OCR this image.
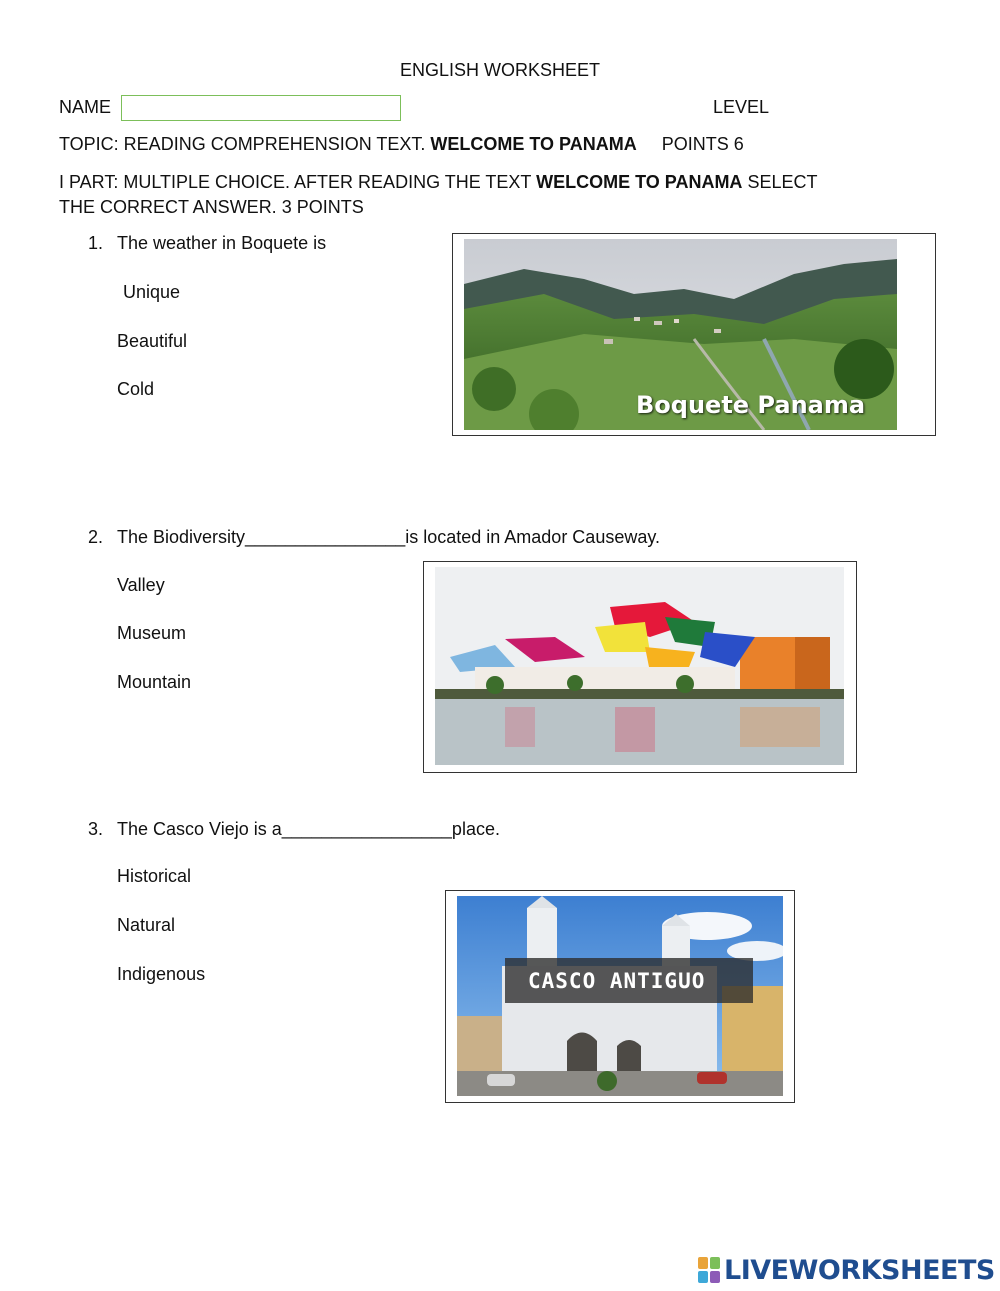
ENGLISH WORKSHEET
NAME	LEVEL
TOPIC: READING COMPREHENSION TEXT. WELCOME TO PANAMA POINTS 6
I PART: MULTIPLE CHOICE. AFTER READING THE TEXT WELCOME TO PANAMA SELECT
THE CORRECT ANSWER. 3 POINTS
1. The weather in Boquete is
Unique
Beautiful
Cold
Boquete Panama
2. The Biodiversity________________is located in Amador Causeway.
Valley
Museum
Mountain
3. The Casco Viejo is a_________________place.
Historical
Natural
Indigenous	CASCO ANTIGUO
LIVEWORKSHEETS
